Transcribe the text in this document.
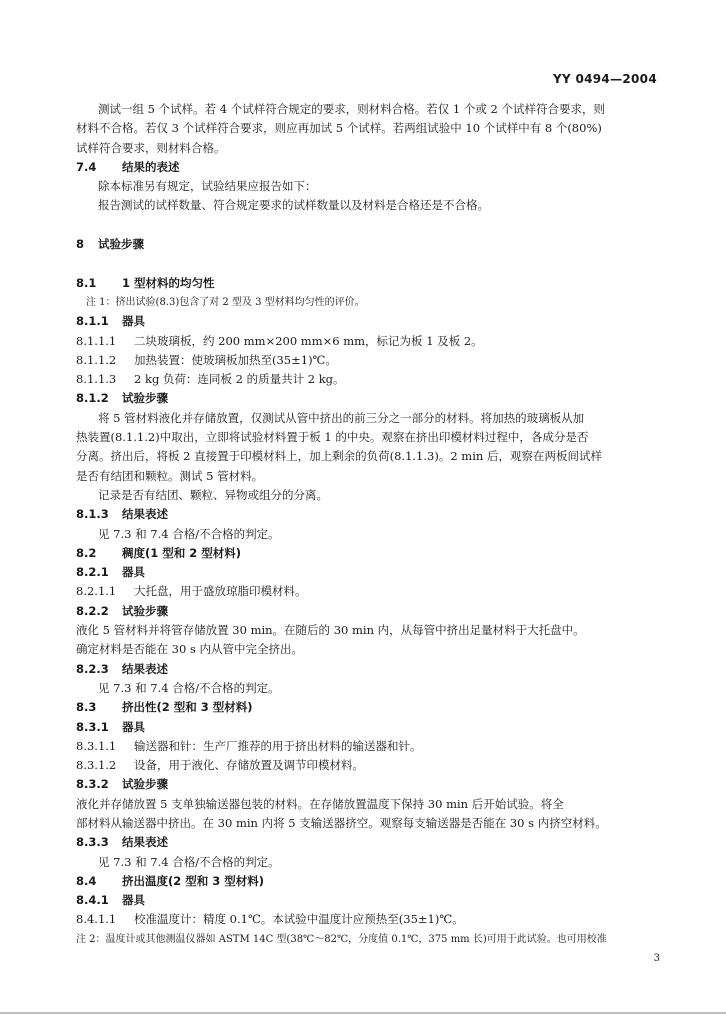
YY 0494—2004
测试一组 5 个试样。若 4 个试样符合规定的要求，则材料合格。若仅 1 个或 2 个试样符合要求，则
材料不合格。若仅 3 个试样符合要求，则应再加试 5 个试样。若两组试验中 10 个试样中有 8 个(80%)
试样符合要求，则材料合格。
7.4 结果的表述
除本标准另有规定，试验结果应报告如下：
报告测试的试样数量、符合规定要求的试样数量以及材料是合格还是不合格。
8 试验步骤
8.1 1 型材料的均匀性
注 1：挤出试验(8.3)包含了对 2 型及 3 型材料均匀性的评价。
8.1.1 器具
8.1.1.1 二块玻璃板，约 200 mm×200 mm×6 mm，标记为板 1 及板 2。
8.1.1.2 加热装置：使玻璃板加热至(35±1)℃。
8.1.1.3 2 kg 负荷：连同板 2 的质量共计 2 kg。
8.1.2 试验步骤
将 5 管材料液化并存储放置，仅测试从管中挤出的前三分之一部分的材料。将加热的玻璃板从加
热装置(8.1.1.2)中取出，立即将试验材料置于板 1 的中央。观察在挤出印模材料过程中，各成分是否
分离。挤出后，将板 2 直接置于印模材料上，加上剩余的负荷(8.1.1.3)。2 min 后，观察在两板间试样
是否有结团和颗粒。测试 5 管材料。
记录是否有结团、颗粒、异物或组分的分离。
8.1.3 结果表述
见 7.3 和 7.4 合格/不合格的判定。
8.2 稠度(1 型和 2 型材料)
8.2.1 器具
8.2.1.1 大托盘，用于盛放琼脂印模材料。
8.2.2 试验步骤
液化 5 管材料并将管存储放置 30 min。在随后的 30 min 内，从每管中挤出足量材料于大托盘中。
确定材料是否能在 30 s 内从管中完全挤出。
8.2.3 结果表述
见 7.3 和 7.4 合格/不合格的判定。
8.3 挤出性(2 型和 3 型材料)
8.3.1 器具
8.3.1.1 输送器和针：生产厂推荐的用于挤出材料的输送器和针。
8.3.1.2 设备，用于液化、存储放置及调节印模材料。
8.3.2 试验步骤
液化并存储放置 5 支单独输送器包装的材料。在存储放置温度下保持 30 min 后开始试验。将全
部材料从输送器中挤出。在 30 min 内将 5 支输送器挤空。观察每支输送器是否能在 30 s 内挤空材料。
8.3.3 结果表述
见 7.3 和 7.4 合格/不合格的判定。
8.4 挤出温度(2 型和 3 型材料)
8.4.1 器具
8.4.1.1 校准温度计：精度 0.1℃。本试验中温度计应预热至(35±1)℃。
注 2：温度计或其他测温仪器如 ASTM 14C 型(38℃～82℃，分度值 0.1℃，375 mm 长)可用于此试验。也可用校准
3
